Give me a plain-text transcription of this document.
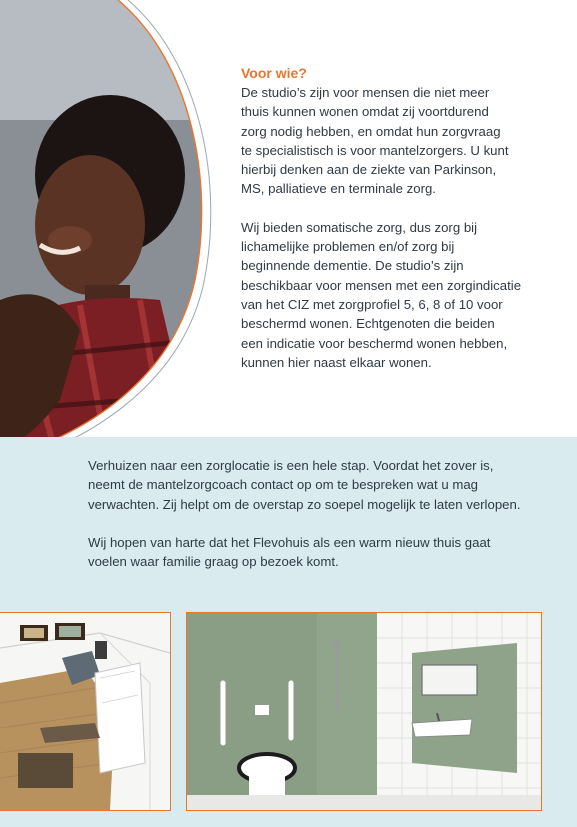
Voor wie?

De studio’s zijn voor mensen die niet meer
thuis kunnen wonen omdat zij voortdurend
zorg nodig hebben, en omdat hun zorgvraag
te specialistisch is voor mantelzorgers. U kunt
hierbij denken aan de ziekte van Parkinson,
MS, palliatieve en terminale zorg.

Wij bieden somatische zorg, dus zorg bij
lichamelijke problemen en/of zorg bij
beginnende dementie. De studio’s zijn
beschikbaar voor mensen met een zorgindicatie
van het CIZ met zorgprofiel 5, 6, 8 of 10 voor
beschermd wonen. Echtgenoten die beiden
een indicatie voor beschermd wonen hebben,
kunnen hier naast elkaar wonen.

Verhuizen naar een zorglocatie is een hele stap. Voordat het zover is,
neemt de mantelzorgcoach contact op om te bespreken wat u mag
verwachten. Zij helpt om de overstap zo soepel mogelijk te laten verlopen.

Wij hopen van harte dat het Flevohuis als een warm nieuw thuis gaat
voelen waar familie graag op bezoek komt.
